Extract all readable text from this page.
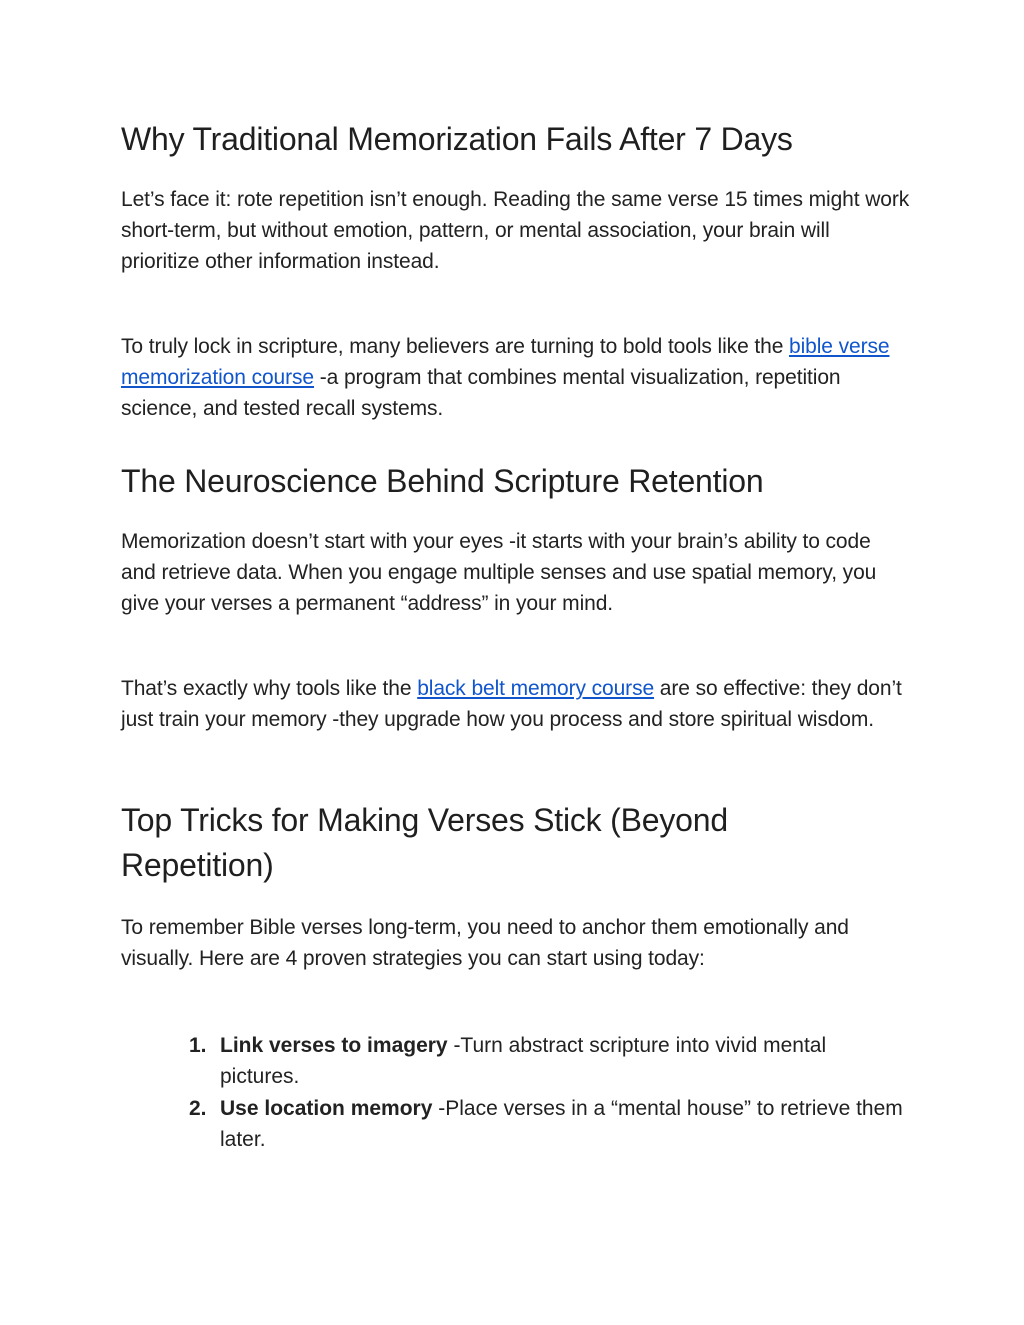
Why Traditional Memorization Fails After 7 Days

Let’s face it: rote repetition isn’t enough. Reading the same verse 15 times might work short-term, but without emotion, pattern, or mental association, your brain will prioritize other information instead.

To truly lock in scripture, many believers are turning to bold tools like the bible verse memorization course -a program that combines mental visualization, repetition science, and tested recall systems.

The Neuroscience Behind Scripture Retention

Memorization doesn’t start with your eyes -it starts with your brain’s ability to code and retrieve data. When you engage multiple senses and use spatial memory, you give your verses a permanent “address” in your mind.

That’s exactly why tools like the black belt memory course are so effective: they don’t just train your memory -they upgrade how you process and store spiritual wisdom.

Top Tricks for Making Verses Stick (Beyond Repetition)

To remember Bible verses long-term, you need to anchor them emotionally and visually. Here are 4 proven strategies you can start using today:

1. Link verses to imagery -Turn abstract scripture into vivid mental pictures.
2. Use location memory -Place verses in a “mental house” to retrieve them later.
